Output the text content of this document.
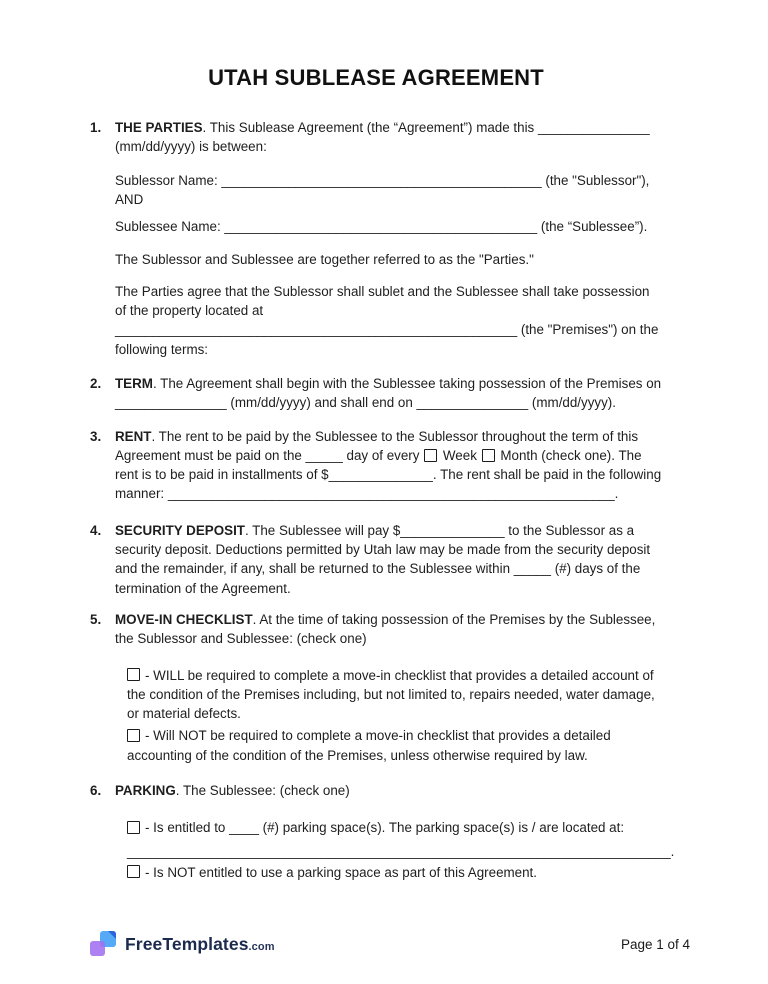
UTAH SUBLEASE AGREEMENT
1.	THE PARTIES. This Sublease Agreement (the “Agreement”) made this _______________ (mm/dd/yyyy) is between:

Sublessor Name: ___________________________________________ (the "Sublessor"), AND

Sublessee Name: __________________________________________ (the “Sublessee”).

The Sublessor and Sublessee are together referred to as the "Parties."

The Parties agree that the Sublessor shall sublet and the Sublessee shall take possession of the property located at ______________________________________________________ (the "Premises") on the following terms:

2.	TERM. The Agreement shall begin with the Sublessee taking possession of the Premises on _______________ (mm/dd/yyyy) and shall end on _______________ (mm/dd/yyyy).

3.	RENT. The rent to be paid by the Sublessee to the Sublessor throughout the term of this Agreement must be paid on the _____ day of every  Week  Month (check one). The rent is to be paid in installments of $______________. The rent shall be paid in the following manner: ____________________________________________________________.

4.	SECURITY DEPOSIT. The Sublessee will pay $______________ to the Sublessor as a security deposit. Deductions permitted by Utah law may be made from the security deposit and the remainder, if any, shall be returned to the Sublessee within _____ (#) days of the termination of the Agreement.

5.	MOVE-IN CHECKLIST. At the time of taking possession of the Premises by the Sublessee, the Sublessor and Sublessee: (check one)

- WILL be required to complete a move-in checklist that provides a detailed account of the condition of the Premises including, but not limited to, repairs needed, water damage, or material defects.

- Will NOT be required to complete a move-in checklist that provides a detailed accounting of the condition of the Premises, unless otherwise required by law.

6.	PARKING. The Sublessee: (check one)

- Is entitled to ____ (#) parking space(s). The parking space(s) is / are located at:

_________________________________________________________________________.

- Is NOT entitled to use a parking space as part of this Agreement.

FreeTemplates.com	Page 1 of 4
